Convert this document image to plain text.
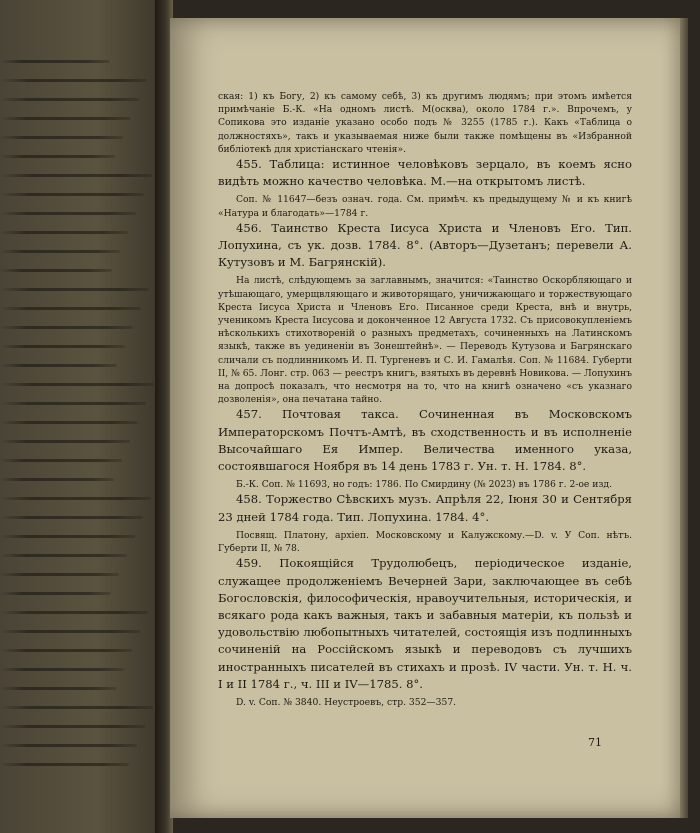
ская: 1) къ Богу, 2) къ самому себѣ, 3) къ другимъ людямъ; при этомъ имѣется примѣчаніе Б.-К. «На одномъ листѣ. М(осква), около 1784 г.». Впрочемъ, у Сопикова это изданіе указано особо подъ № 3255 (1785 г.). Какъ «Таблица о должностяхъ», такъ и указываемая ниже были также помѣщены въ «Избранной библіотекѣ для христіанскаго чтенія».

455. Таблица: истинное человѣковъ зерцало, въ коемъ ясно видѣть можно качество человѣка. М.—на открытомъ листѣ.

Соп. № 11647—безъ означ. года. См. примѣч. къ предыдущему № и къ книгѣ «Натура и благодать»—1784 г.

456. Таинство Креста Іисуса Христа и Членовъ Его. Тип. Лопухина, съ ук. дозв. 1784. 8°. (Авторъ—Дузетанъ; перевели А. Кутузовъ и М. Багрянскій).

На листѣ, слѣдующемъ за заглавнымъ, значится: «Таинство Оскорбляющаго и утѣшающаго, умерщвляющаго и животорящаго, уничижающаго и торжествующаго Креста Іисуса Христа и Членовъ Его. Писанное среди Креста, внѣ и внутрь, ученикомъ Креста Іисусова и доконченное 12 Августа 1732. Съ присовокупленіемъ нѣсколькихъ стихотвореній о разныхъ предметахъ, сочиненныхъ на Латинскомъ языкѣ, также въ уединеніи въ Зонештейнѣ». — Переводъ Кутузова и Багрянскаго сличали съ подлинникомъ И. П. Тургеневъ и С. И. Гамалѣя. Соп. № 11684. Губерти II, № 65. Лонг. стр. 063 — реестръ книгъ, взятыхъ въ деревнѣ Новикова. — Лопухинъ на допросѣ показалъ, что несмотря на то, что на книгѣ означено «съ указнаго дозволенія», она печатана тайно.

457. Почтовая такса. Сочиненная въ Московскомъ Императорскомъ Почтъ-Амтѣ, въ сходственность и въ исполненіе Высочайшаго Ея Импер. Величества именного указа, состоявшагося Ноября въ 14 день 1783 г. Ун. т. Н. 1784. 8°.

Б.-К. Соп. № 11693, но годъ: 1786. По Смирдину (№ 2023) въ 1786 г. 2-ое изд.

458. Торжество Сѣвскихъ музъ. Апрѣля 22, Іюня 30 и Сентября 23 дней 1784 года. Тип. Лопухина. 1784. 4°.

Посвящ. Платону, архіеп. Московскому и Калужскому.—D. v. У Соп. нѣтъ. Губерти II, № 78.

459. Покоящійся Трудолюбецъ, періодическое изданіе, служащее продолженіемъ Вечерней Зари, заключающее въ себѣ Богословскія, философическія, нравоучительныя, историческія, и всякаго рода какъ важныя, такъ и забавныя матеріи, къ пользѣ и удовольствію любопытныхъ читателей, состоящія изъ подлинныхъ сочиненій на Россійскомъ языкѣ и переводовъ съ лучшихъ иностранныхъ писателей въ стихахъ и прозѣ. IV части. Ун. т. Н. ч. I и II 1784 г., ч. III и IV—1785. 8°.

D. v. Соп. № 3840. Неустроевъ, стр. 352—357.

71
